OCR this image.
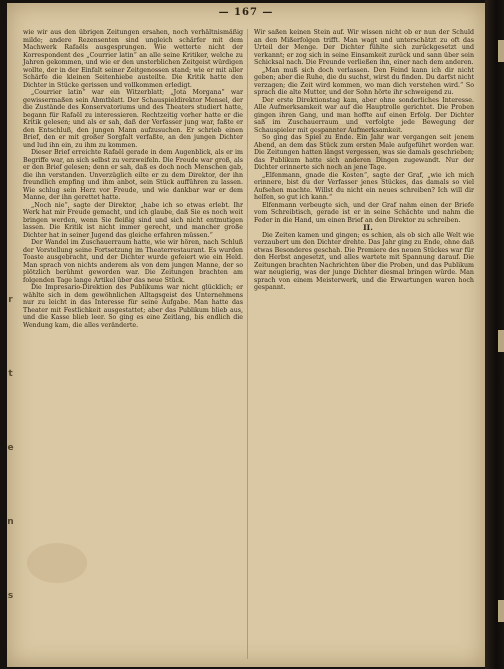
r
t
e
n
s
— 167 —

wie wir aus den übrigen Zeitungen ersahen, noch verhältnismäßig milde; andere Rezensenten sind ungleich schärfer mit dem Machwerk Rafaëls ausgesprungen. Wie wetterte nicht der Korrespondent des „Courrier latin“ an alle seine Kritiker, welche zu Jahren gekommen, und wie er den unsterblichen Zeitgeist würdigen wollte, der in der Einfalt seiner Zeitgenossen stand; wie er mit aller Schärfe die kleinen Seitenhiebe austeilte. Die Kritik hatte den Dichter in Stücke gerissen und vollkommen erledigt.

„Courrier latin“ war ein Witzerblatt; „Jota Morgana“ war gewissermaßen sein Abmtblatt. Der Schauspieldirektor Mensel, der die Zustände des Konservatoriums und des Theaters studiert hatte, begann für Rafaël zu interessieren. Rechtzeitig vorher hatte er die Kritik gelesen; und als er sah, daß der Verfasser jung war, faßte er den Entschluß, den jungen Mann aufzusuchen. Er schrieb einen Brief, den er mit großer Sorgfalt verfaßte, an den jungen Dichter und lud ihn ein, zu ihm zu kommen.

Dieser Brief erreichte Rafaël gerade in dem Augenblick, als er im Begriffe war, an sich selbst zu verzweifeln. Die Freude war groß, als er den Brief gelesen; denn er sah, daß es doch noch Menschen gab, die ihn verstanden. Unverzüglich eilte er zu dem Direktor, der ihn freundlich empfing und ihm anbot, sein Stück aufführen zu lassen. Wie schlug sein Herz vor Freude, und wie dankbar war er dem Manne, der ihn gerettet hatte.

„Noch nie“, sagte der Direktor, „habe ich so etwas erlebt. Ihr Werk hat mir Freude gemacht, und ich glaube, daß Sie es noch weit bringen werden, wenn Sie fleißig sind und sich nicht entmutigen lassen. Die Kritik ist nicht immer gerecht, und mancher große Dichter hat in seiner Jugend das gleiche erfahren müssen.“

Der Wandel im Zuschauerraum hatte, wie wir hören, nach Schluß der Vorstellung seine Fortsetzung im Theaterrestaurant. Es wurden Toaste ausgebracht, und der Dichter wurde gefeiert wie ein Held. Man sprach von nichts anderem als von dem jungen Manne, der so plötzlich berühmt geworden war. Die Zeitungen brachten am folgenden Tage lange Artikel über das neue Stück.

Die Impresario-Direktion des Publikums war nicht glücklich; er wählte sich in dem gewöhnlichen Alltagsgeist des Unternehmens nur zu leicht in das Interesse für seine Aufgabe. Man hatte das Theater mit Festlichkeit ausgestattet; aber das Publikum blieb aus, und die Kasse blieb leer. So ging es eine Zeitlang, bis endlich die Wendung kam, die alles veränderte.

Wir saßen keinen Stein auf. Wir wissen nicht ob er nun der Schuld an den Mißerfolgen trifft. Man wagt und unterschätzt zu oft das Urteil der Menge. Der Dichter fühlte sich zurückgesetzt und verkannt; er zog sich in seine Einsamkeit zurück und sann über sein Schicksal nach. Die Freunde verließen ihn, einer nach dem anderen.

„Man muß sich doch verlassen. Den Feind kann ich dir nicht geben; aber die Ruhe, die du suchst, wirst du finden. Du darfst nicht verzagen; die Zeit wird kommen, wo man dich verstehen wird.“ So sprach die alte Mutter, und der Sohn hörte ihr schweigend zu.

Der erste Direktionstag kam, aber ohne sonderliches Interesse. Alle Aufmerksamkeit war auf die Hauptrolle gerichtet. Die Proben gingen ihren Gang, und man hoffte auf einen Erfolg. Der Dichter saß im Zuschauerraum und verfolgte jede Bewegung der Schauspieler mit gespannter Aufmerksamkeit.

So ging das Spiel zu Ende. Ein Jahr war vergangen seit jenem Abend, an dem das Stück zum ersten Male aufgeführt worden war. Die Zeitungen hatten längst vergessen, was sie damals geschrieben; das Publikum hatte sich anderen Dingen zugewandt. Nur der Dichter erinnerte sich noch an jene Tage.

„Elfenmann, gnade die Kosten“, sagte der Graf, „wie ich mich erinnere, bist du der Verfasser jenes Stückes, das damals so viel Aufsehen machte. Willst du nicht ein neues schreiben? Ich will dir helfen, so gut ich kann.“

Elfenmann verbeugte sich, und der Graf nahm einen der Briefe vom Schreibtisch, gerade ist er in seine Schächte und nahm die Feder in die Hand, um einen Brief an den Direktor zu schreiben.

II.

Die Zeiten kamen und gingen; es schien, als ob sich alle Welt wie verzaubert um den Dichter drehte. Das Jahr ging zu Ende, ohne daß etwas Besonderes geschah. Die Premiere des neuen Stückes war für den Herbst angesetzt, und alles wartete mit Spannung darauf. Die Zeitungen brachten Nachrichten über die Proben, und das Publikum war neugierig, was der junge Dichter diesmal bringen würde. Man sprach von einem Meisterwerk, und die Erwartungen waren hoch gespannt.
